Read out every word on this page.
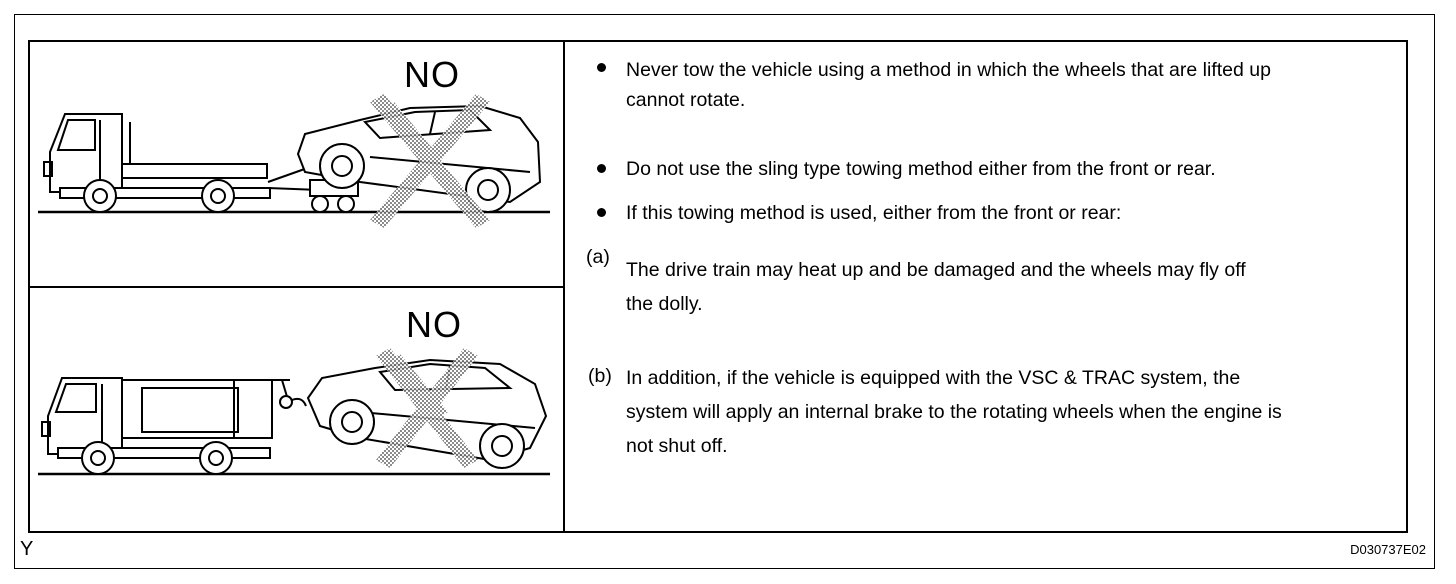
NO
NO
Never tow the vehicle using a method in which the wheels that are lifted up
cannot rotate.
Do not use the sling type towing method either from the front or rear.
If this towing method is used, either from the front or rear:
(a)
The drive train may heat up and be damaged and the wheels may fly off
the dolly.
(b) In addition, if the vehicle is equipped with the VSC & TRAC system, the
system will apply an internal brake to the rotating wheels when the engine is
not shut off.
Y	D030737E02
